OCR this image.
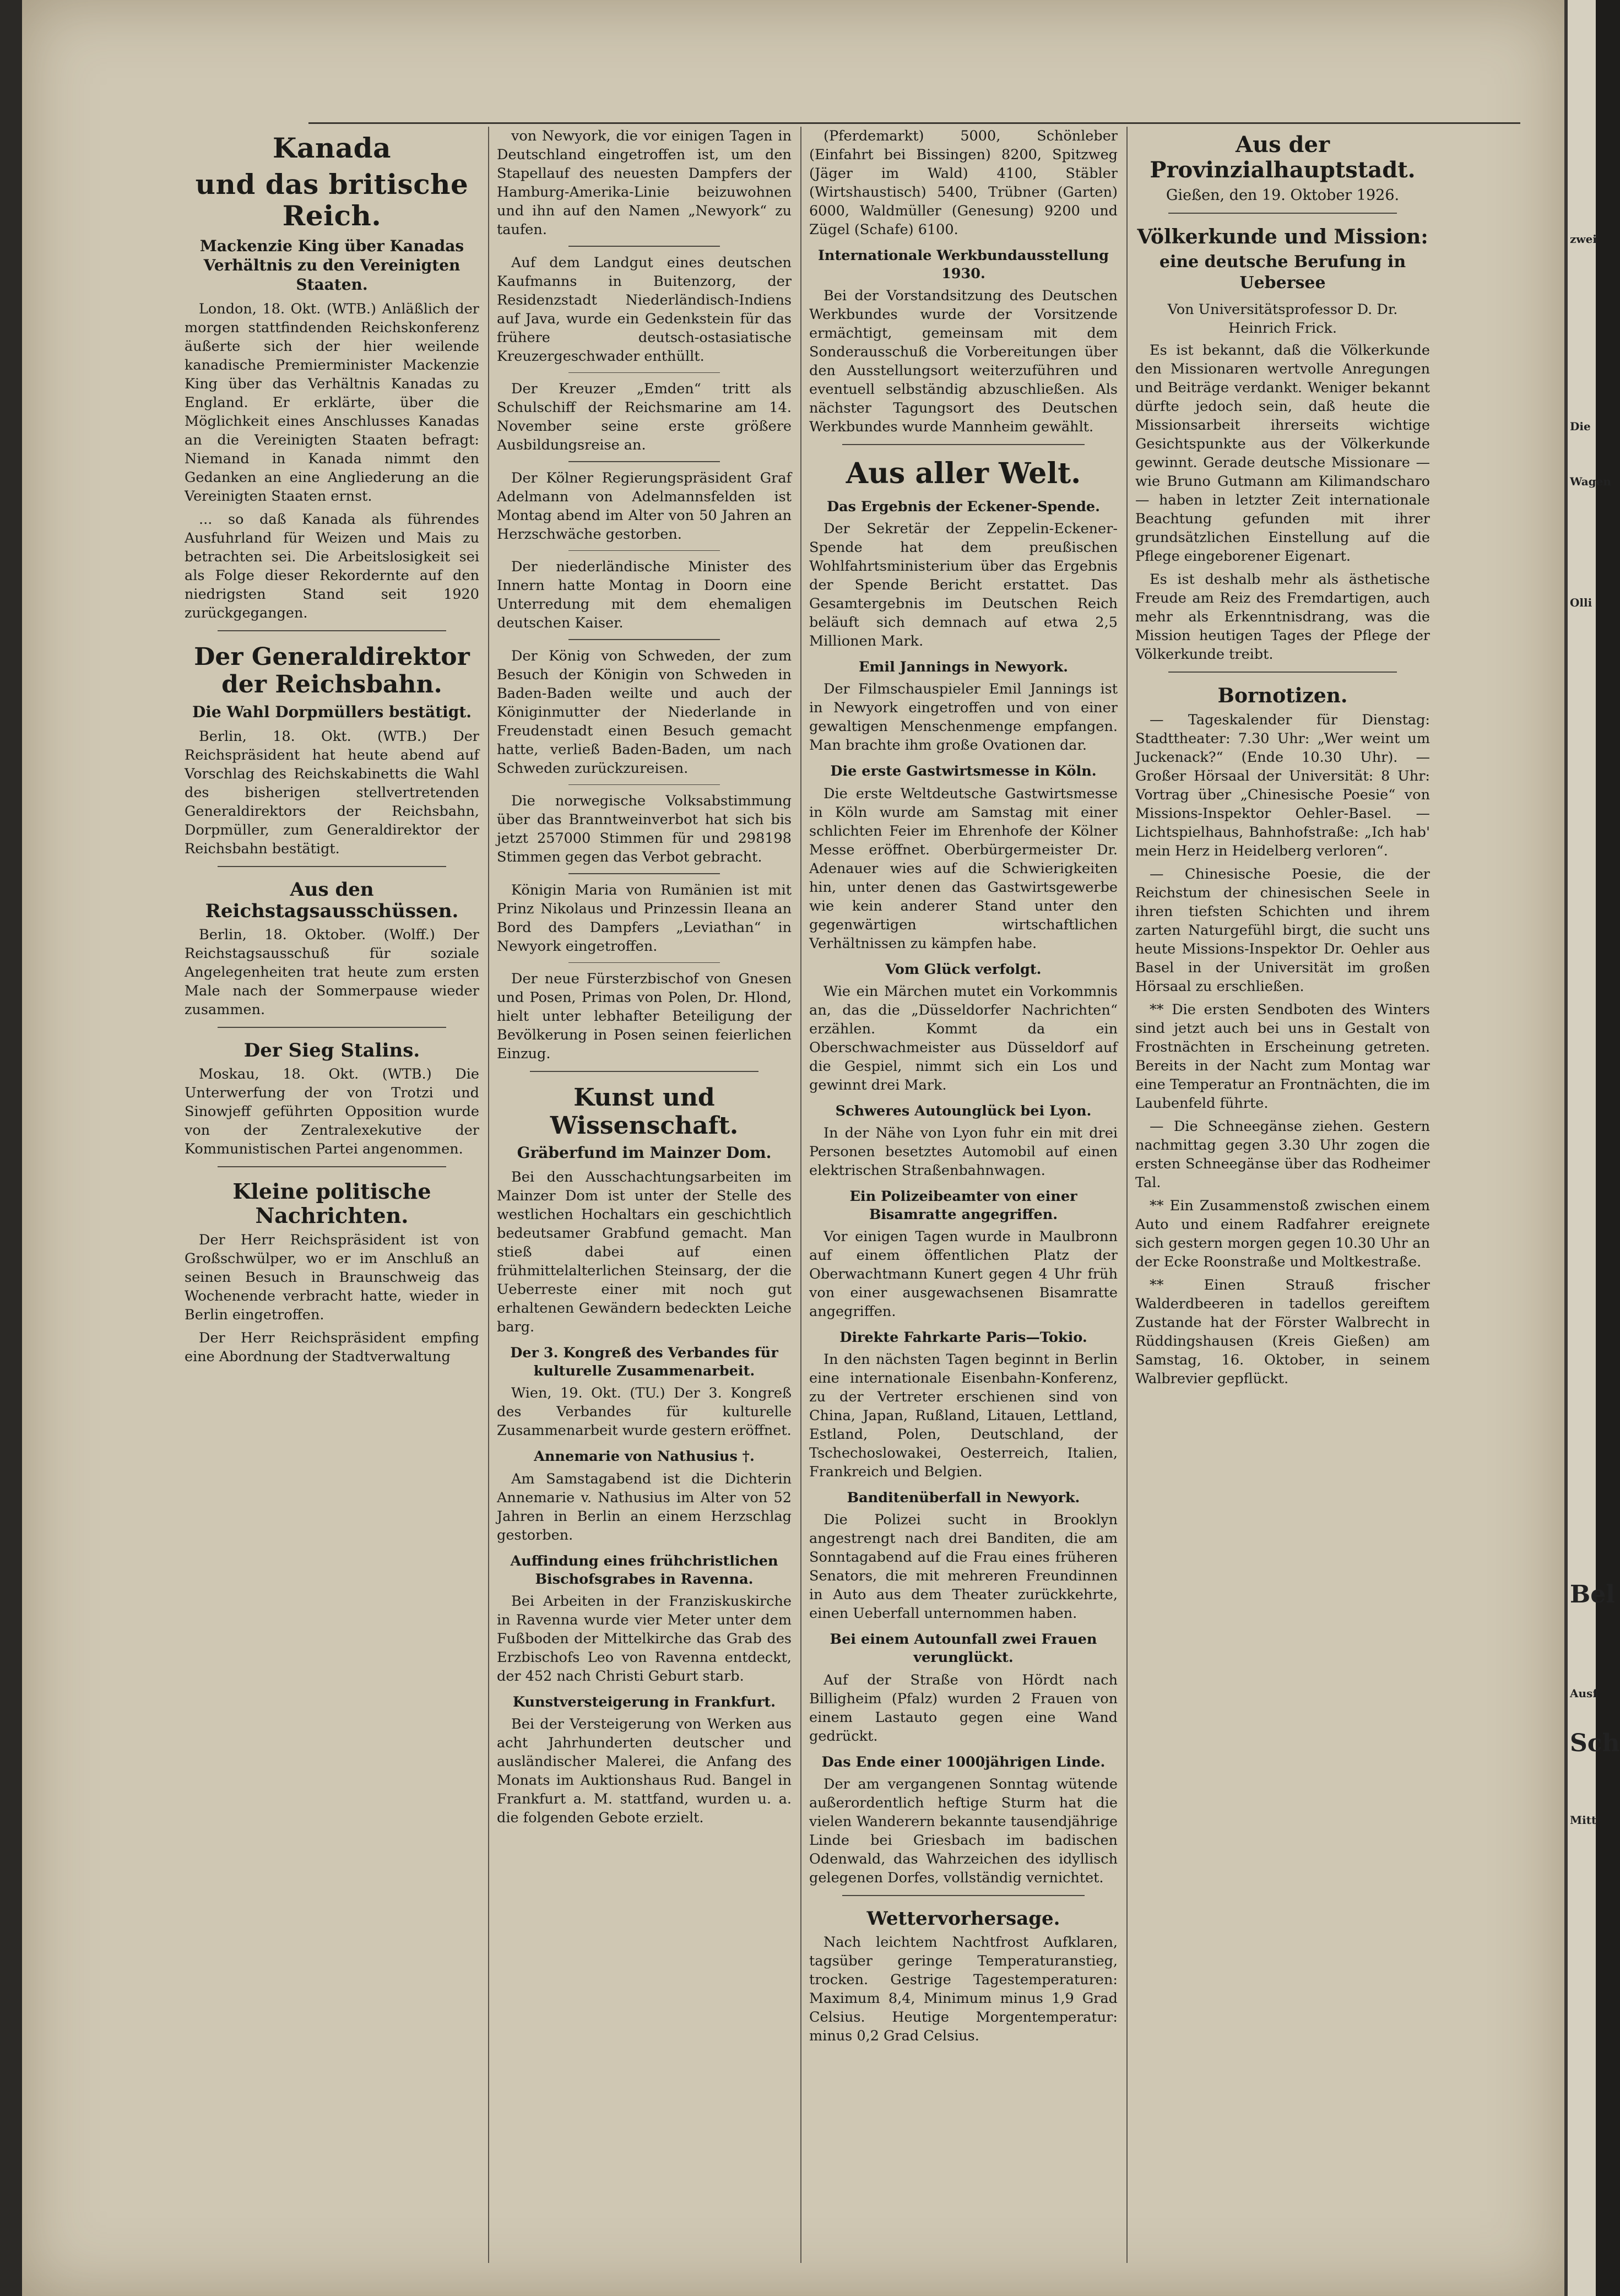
Kanada
und das britische Reich.
Mackenzie King über Kanadas Verhältnis zu den Vereinigten Staaten.

London, 18. Okt. (WTB.) Anläßlich der morgen stattfindenden Reichskonferenz äußerte sich der hier weilende kanadische Premierminister Mackenzie King über das Verhältnis Kanadas zu England. Er erklärte, über die Möglichkeit eines Anschlusses Kanadas an die Vereinigten Staaten befragt: Niemand in Kanada nimmt den Gedanken an eine Angliederung an die Vereinigten Staaten ernst.

... so daß Kanada als führendes Ausfuhrland für Weizen und Mais zu betrachten sei. Die Arbeitslosigkeit sei als Folge dieser Rekordernte auf den niedrigsten Stand seit 1920 zurückgegangen.

Der Generaldirektor der Reichsbahn.
Die Wahl Dorpmüllers bestätigt.

Berlin, 18. Okt. (WTB.) Der Reichspräsident hat heute abend auf Vorschlag des Reichskabinetts die Wahl des bisherigen stellvertretenden Generaldirektors der Reichsbahn, Dorpmüller, zum Generaldirektor der Reichsbahn bestätigt.

Aus den Reichstagsausschüssen.

Berlin, 18. Oktober. (Wolff.) Der Reichstagsausschuß für soziale Angelegenheiten trat heute zum ersten Male nach der Sommerpause wieder zusammen.

Der Sieg Stalins.

Moskau, 18. Okt. (WTB.) Die Unterwerfung der von Trotzi und Sinowjeff geführten Opposition wurde von der Zentralexekutive der Kommunistischen Partei angenommen.

Kleine politische Nachrichten.

Der Herr Reichspräsident ist von Großschwülper, wo er im Anschluß an seinen Besuch in Braunschweig das Wochenende verbracht hatte, wieder in Berlin eingetroffen.

Der Herr Reichspräsident empfing eine Abordnung der Stadtverwaltung

von Newyork, die vor einigen Tagen in Deutschland eingetroffen ist, um den Stapellauf des neuesten Dampfers der Hamburg-Amerika-Linie beizuwohnen und ihn auf den Namen „Newyork“ zu taufen.

Auf dem Landgut eines deutschen Kaufmanns in Buitenzorg, der Residenzstadt Niederländisch-Indiens auf Java, wurde ein Gedenkstein für das frühere deutsch-ostasiatische Kreuzergeschwader enthüllt.

Der Kreuzer „Emden“ tritt als Schulschiff der Reichsmarine am 14. November seine erste größere Ausbildungsreise an.

Der Kölner Regierungspräsident Graf Adelmann von Adelmannsfelden ist Montag abend im Alter von 50 Jahren an Herzschwäche gestorben.

Der niederländische Minister des Innern hatte Montag in Doorn eine Unterredung mit dem ehemaligen deutschen Kaiser.

Der König von Schweden, der zum Besuch der Königin von Schweden in Baden-Baden weilte und auch der Königinmutter der Niederlande in Freudenstadt einen Besuch gemacht hatte, verließ Baden-Baden, um nach Schweden zurückzureisen.

Die norwegische Volksabstimmung über das Branntweinverbot hat sich bis jetzt 257000 Stimmen für und 298198 Stimmen gegen das Verbot gebracht.

Königin Maria von Rumänien ist mit Prinz Nikolaus und Prinzessin Ileana an Bord des Dampfers „Leviathan“ in Newyork eingetroffen.

Der neue Fürsterzbischof von Gnesen und Posen, Primas von Polen, Dr. Hlond, hielt unter lebhafter Beteiligung der Bevölkerung in Posen seinen feierlichen Einzug.

Kunst und Wissenschaft.
Gräberfund im Mainzer Dom.

Bei den Ausschachtungsarbeiten im Mainzer Dom ist unter der Stelle des westlichen Hochaltars ein geschichtlich bedeutsamer Grabfund gemacht. Man stieß dabei auf einen frühmittelalterlichen Steinsarg, der die Ueberreste einer mit noch gut erhaltenen Gewändern bedeckten Leiche barg.

Der 3. Kongreß des Verbandes für kulturelle Zusammenarbeit.

Wien, 19. Okt. (TU.) Der 3. Kongreß des Verbandes für kulturelle Zusammenarbeit wurde gestern eröffnet.

Annemarie von Nathusius †.

Am Samstagabend ist die Dichterin Annemarie v. Nathusius im Alter von 52 Jahren in Berlin an einem Herzschlag gestorben.

Auffindung eines frühchristlichen Bischofsgrabes in Ravenna.

Bei Arbeiten in der Franziskuskirche in Ravenna wurde vier Meter unter dem Fußboden der Mittelkirche das Grab des Erzbischofs Leo von Ravenna entdeckt, der 452 nach Christi Geburt starb.

Kunstversteigerung in Frankfurt.

Bei der Versteigerung von Werken aus acht Jahrhunderten deutscher und ausländischer Malerei, die Anfang des Monats im Auktionshaus Rud. Bangel in Frankfurt a. M. stattfand, wurden u. a. die folgenden Gebote erzielt.

(Pferdemarkt) 5000, Schönleber (Einfahrt bei Bissingen) 8200, Spitzweg (Jäger im Wald) 4100, Stäbler (Wirtshaustisch) 5400, Trübner (Garten) 6000, Waldmüller (Genesung) 9200 und Zügel (Schafe) 6100.

Internationale Werkbundausstellung 1930.

Bei der Vorstandsitzung des Deutschen Werkbundes wurde der Vorsitzende ermächtigt, gemeinsam mit dem Sonderausschuß die Vorbereitungen über den Ausstellungsort weiterzuführen und eventuell selbständig abzuschließen. Als nächster Tagungsort des Deutschen Werkbundes wurde Mannheim gewählt.

Aus aller Welt.
Das Ergebnis der Eckener-Spende.

Der Sekretär der Zeppelin-Eckener-Spende hat dem preußischen Wohlfahrtsministerium über das Ergebnis der Spende Bericht erstattet. Das Gesamtergebnis im Deutschen Reich beläuft sich demnach auf etwa 2,5 Millionen Mark.

Emil Jannings in Newyork.

Der Filmschauspieler Emil Jannings ist in Newyork eingetroffen und von einer gewaltigen Menschenmenge empfangen. Man brachte ihm große Ovationen dar.

Die erste Gastwirtsmesse in Köln.

Die erste Weltdeutsche Gastwirtsmesse in Köln wurde am Samstag mit einer schlichten Feier im Ehrenhofe der Kölner Messe eröffnet. Oberbürgermeister Dr. Adenauer wies auf die Schwierigkeiten hin, unter denen das Gastwirtsgewerbe wie kein anderer Stand unter den gegenwärtigen wirtschaftlichen Verhältnissen zu kämpfen habe.

Vom Glück verfolgt.

Wie ein Märchen mutet ein Vorkommnis an, das die „Düsseldorfer Nachrichten“ erzählen. Kommt da ein Oberschwachmeister aus Düsseldorf auf die Gespiel, nimmt sich ein Los und gewinnt drei Mark.

Schweres Autounglück bei Lyon.

In der Nähe von Lyon fuhr ein mit drei Personen besetztes Automobil auf einen elektrischen Straßenbahnwagen.

Ein Polizeibeamter von einer Bisamratte angegriffen.

Vor einigen Tagen wurde in Maulbronn auf einem öffentlichen Platz der Oberwachtmann Kunert gegen 4 Uhr früh von einer ausgewachsenen Bisamratte angegriffen.

Direkte Fahrkarte Paris—Tokio.

In den nächsten Tagen beginnt in Berlin eine internationale Eisenbahn-Konferenz, zu der Vertreter erschienen sind von China, Japan, Rußland, Litauen, Lettland, Estland, Polen, Deutschland, der Tschechoslowakei, Oesterreich, Italien, Frankreich und Belgien.

Banditenüberfall in Newyork.

Die Polizei sucht in Brooklyn angestrengt nach drei Banditen, die am Sonntagabend auf die Frau eines früheren Senators, die mit mehreren Freundinnen in Auto aus dem Theater zurückkehrte, einen Ueberfall unternommen haben.

Bei einem Autounfall zwei Frauen verunglückt.

Auf der Straße von Hördt nach Billigheim (Pfalz) wurden 2 Frauen von einem Lastauto gegen eine Wand gedrückt.

Das Ende einer 1000jährigen Linde.

Der am vergangenen Sonntag wütende außerordentlich heftige Sturm hat die vielen Wanderern bekannte tausendjährige Linde bei Griesbach im badischen Odenwald, das Wahrzeichen des idyllisch gelegenen Dorfes, vollständig vernichtet.

Wettervorhersage.

Nach leichtem Nachtfrost Aufklaren, tagsüber geringe Temperaturanstieg, trocken. Gestrige Tagestemperaturen: Maximum 8,4, Minimum minus 1,9 Grad Celsius. Heutige Morgentemperatur: minus 0,2 Grad Celsius.

Aus der Provinzialhauptstadt.
Gießen, den 19. Oktober 1926.
Völkerkunde und Mission:
eine deutsche Berufung in Uebersee
Von Universitätsprofessor D. Dr. Heinrich Frick.

Es ist bekannt, daß die Völkerkunde den Missionaren wertvolle Anregungen und Beiträge verdankt. Weniger bekannt dürfte jedoch sein, daß heute die Missionsarbeit ihrerseits wichtige Gesichtspunkte aus der Völkerkunde gewinnt. Gerade deutsche Missionare — wie Bruno Gutmann am Kilimandscharo — haben in letzter Zeit internationale Beachtung gefunden mit ihrer grundsätzlichen Einstellung auf die Pflege eingeborener Eigenart.

Es ist deshalb mehr als ästhetische Freude am Reiz des Fremdartigen, auch mehr als Erkenntnisdrang, was die Mission heutigen Tages der Pflege der Völkerkunde treibt.

Bornotizen.

— Tageskalender für Dienstag: Stadttheater: 7.30 Uhr: „Wer weint um Juckenack?“ (Ende 10.30 Uhr). — Großer Hörsaal der Universität: 8 Uhr: Vortrag über „Chinesische Poesie“ von Missions-Inspektor Oehler-Basel. — Lichtspielhaus, Bahnhofstraße: „Ich hab' mein Herz in Heidelberg verloren“.

— Chinesische Poesie, die der Reichstum der chinesischen Seele in ihren tiefsten Schichten und ihrem zarten Naturgefühl birgt, die sucht uns heute Missions-Inspektor Dr. Oehler aus Basel in der Universität im großen Hörsaal zu erschließen.

** Die ersten Sendboten des Winters sind jetzt auch bei uns in Gestalt von Frostnächten in Erscheinung getreten. Bereits in der Nacht zum Montag war eine Temperatur an Frontnächten, die im Laubenfeld führte.

— Die Schneegänse ziehen. Gestern nachmittag gegen 3.30 Uhr zogen die ersten Schneegänse über das Rodheimer Tal.

** Ein Zusammenstoß zwischen einem Auto und einem Radfahrer ereignete sich gestern morgen gegen 10.30 Uhr an der Ecke Roonstraße und Moltkestraße.

** Einen Strauß frischer Walderdbeeren in tadellos gereiftem Zustande hat der Förster Walbrecht in Rüddingshausen (Kreis Gießen) am Samstag, 16. Oktober, in seinem Walbrevier gepflückt.

zwei
Die
Wagen
Olli
Bel
Sch
Ausf
Mitt
